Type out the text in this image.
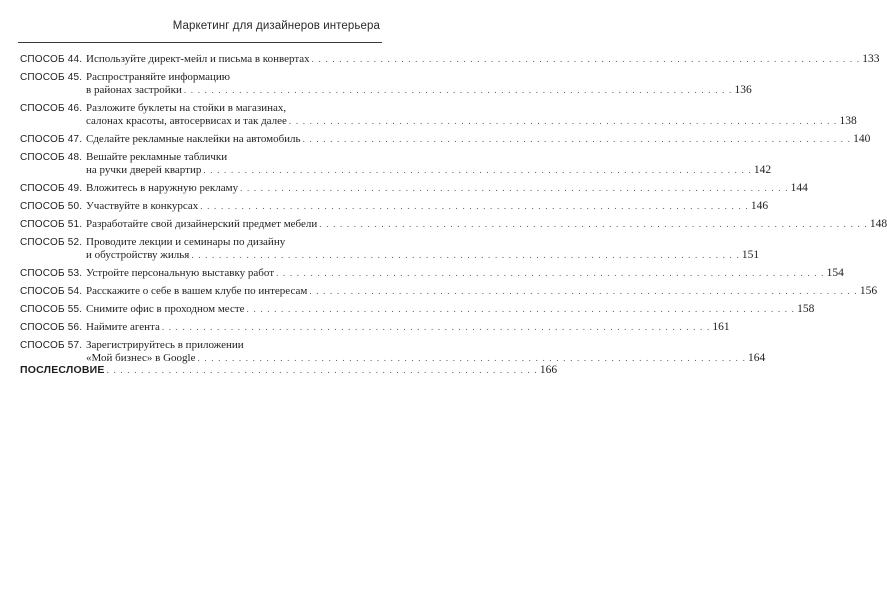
Маркетинг для дизайнеров интерьера
СПОСОБ 44. Используйте директ-мейл и письма в конвертах . . . . . . . . . . . . . . . . . . . . . . . . . . . . . . . . . . . . . . . . . . . . . . . . . . . . . . . . . . . . . . . . . . . . . . . . . . . . . . . . 133
СПОСОБ 45. Распространяйте информацию
в районах застройки . . . . . . . . . . . . . . . . . . . . . . . . . . . . . . . . . . . . . . . . . . . . . . . . . . . . . . . . . . . . . . . . . . . . . . . . . . . . . . . . 136
СПОСОБ 46. Разложите буклеты на стойки в магазинах,
салонах красоты, автосервисах и так далее . . . . . . . . . . . . . . . . . . . . . . . . . . . . . . . . . . . . . . . . . . . . . . . . . . . . . . . . . . . . . . . . . . . . . . . . . . . . . . . . 138
СПОСОБ 47. Сделайте рекламные наклейки на автомобиль . . . . . . . . . . . . . . . . . . . . . . . . . . . . . . . . . . . . . . . . . . . . . . . . . . . . . . . . . . . . . . . . . . . . . . . . . . . . . . . . 140
СПОСОБ 48. Вешайте рекламные таблички
на ручки дверей квартир . . . . . . . . . . . . . . . . . . . . . . . . . . . . . . . . . . . . . . . . . . . . . . . . . . . . . . . . . . . . . . . . . . . . . . . . . . . . . . . . 142
СПОСОБ 49. Вложитесь в наружную рекламу . . . . . . . . . . . . . . . . . . . . . . . . . . . . . . . . . . . . . . . . . . . . . . . . . . . . . . . . . . . . . . . . . . . . . . . . . . . . . . . . 144
СПОСОБ 50. Участвуйте в конкурсах . . . . . . . . . . . . . . . . . . . . . . . . . . . . . . . . . . . . . . . . . . . . . . . . . . . . . . . . . . . . . . . . . . . . . . . . . . . . . . . . 146
СПОСОБ 51. Разработайте свой дизайнерский предмет мебели . . . . . . . . . . . . . . . . . . . . . . . . . . . . . . . . . . . . . . . . . . . . . . . . . . . . . . . . . . . . . . . . . . . . . . . . . . . . . . . . 148
СПОСОБ 52. Проводите лекции и семинары по дизайну
и обустройству жилья . . . . . . . . . . . . . . . . . . . . . . . . . . . . . . . . . . . . . . . . . . . . . . . . . . . . . . . . . . . . . . . . . . . . . . . . . . . . . . . . 151
СПОСОБ 53. Устройте персональную выставку работ . . . . . . . . . . . . . . . . . . . . . . . . . . . . . . . . . . . . . . . . . . . . . . . . . . . . . . . . . . . . . . . . . . . . . . . . . . . . . . . . 154
СПОСОБ 54. Расскажите о себе в вашем клубе по интересам . . . . . . . . . . . . . . . . . . . . . . . . . . . . . . . . . . . . . . . . . . . . . . . . . . . . . . . . . . . . . . . . . . . . . . . . . . . . . . . . 156
СПОСОБ 55. Снимите офис в проходном месте . . . . . . . . . . . . . . . . . . . . . . . . . . . . . . . . . . . . . . . . . . . . . . . . . . . . . . . . . . . . . . . . . . . . . . . . . . . . . . . . 158
СПОСОБ 56. Наймите агента . . . . . . . . . . . . . . . . . . . . . . . . . . . . . . . . . . . . . . . . . . . . . . . . . . . . . . . . . . . . . . . . . . . . . . . . . . . . . . . . 161
СПОСОБ 57. Зарегистрируйтесь в приложении
«Мой бизнес» в Google . . . . . . . . . . . . . . . . . . . . . . . . . . . . . . . . . . . . . . . . . . . . . . . . . . . . . . . . . . . . . . . . . . . . . . . . . . . . . . . . 164
ПОСЛЕСЛОВИЕ . . . . . . . . . . . . . . . . . . . . . . . . . . . . . . . . . . . . . . . . . . . . . . . . . . . . . . . . . . . . . . . 166
